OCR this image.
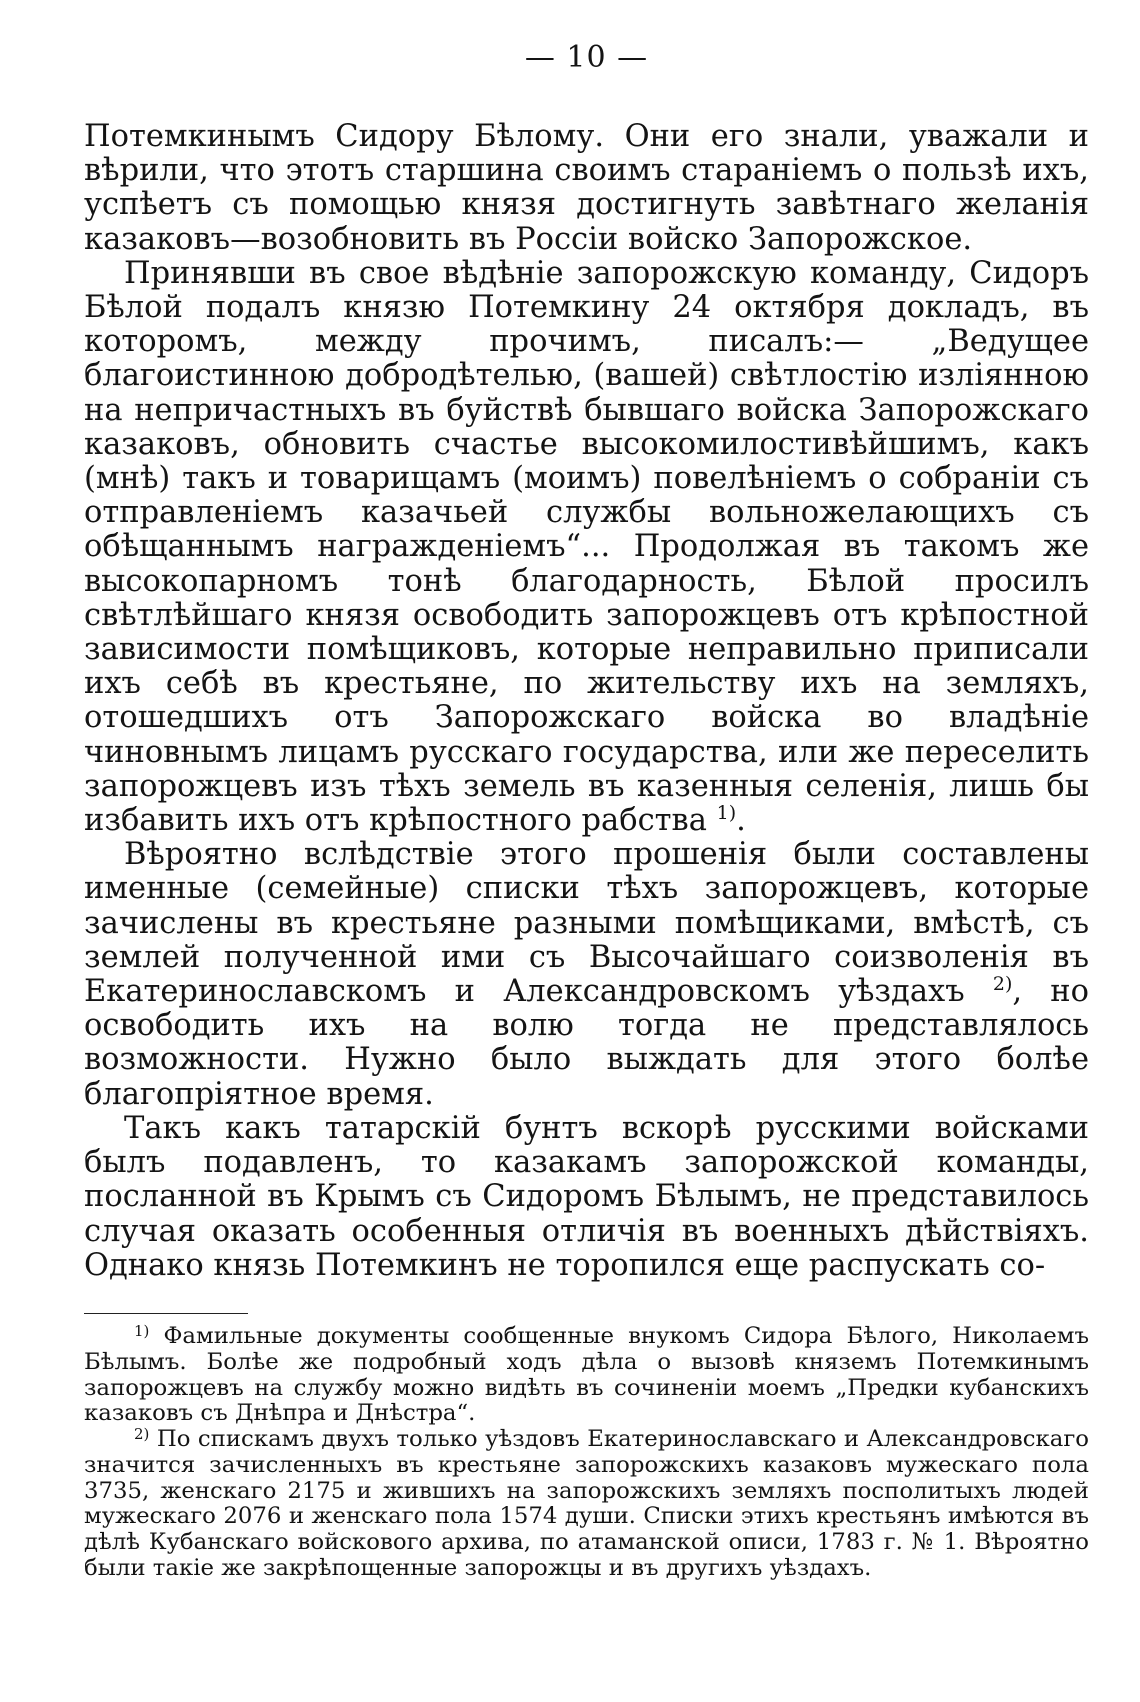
— 10 —

Потемкинымъ Сидору Бѣлому. Они его знали, уважали и вѣрили, что этотъ старшина своимъ стараніемъ о пользѣ ихъ, успѣетъ съ помощью князя достигнуть завѣтнаго желанія казаковъ—возобновить въ Россіи войско Запорожское.

Принявши въ свое вѣдѣніе запорожскую команду, Сидоръ Бѣлой подалъ князю Потемкину 24 октября докладъ, въ которомъ, между прочимъ, писалъ:— „Ведущее благоистинною добродѣтелью, (вашей) свѣтлостію изліянною на непричастныхъ въ буйствѣ бывшаго войска Запорожскаго казаковъ, обновить счастье высокомилостивѣйшимъ, какъ (мнѣ) такъ и товарищамъ (моимъ) повелѣніемъ о собраніи съ отправленіемъ казачьей службы вольножелающихъ съ обѣщаннымъ награжденіемъ“... Продолжая въ такомъ же высокопарномъ тонѣ благодарность, Бѣлой просилъ свѣтлѣйшаго князя освободить запорожцевъ отъ крѣпостной зависимости помѣщиковъ, которые неправильно приписали ихъ себѣ въ крестьяне, по жительству ихъ на земляхъ, отошедшихъ отъ Запорожскаго войска во владѣніе чиновнымъ лицамъ русскаго государства, или же переселить запорожцевъ изъ тѣхъ земель въ казенныя селенія, лишь бы избавить ихъ отъ крѣпостного рабства $^{1)}$.

Вѣроятно вслѣдствіе этого прошенія были составлены именные (семейные) списки тѣхъ запорожцевъ, которые зачислены въ крестьяне разными помѣщиками, вмѣстѣ, съ землей полученной ими съ Высочайшаго соизволенія въ Екатеринославскомъ и Александровскомъ уѣздахъ $^{2)}$, но освободить ихъ на волю тогда не представлялось возможности. Нужно было выждать для этого болѣе благопріятное время.

Такъ какъ татарскій бунтъ вскорѣ русскими войсками былъ подавленъ, то казакамъ запорожской команды, посланной въ Крымъ съ Сидоромъ Бѣлымъ, не представилось случая оказать особенныя отличія въ военныхъ дѣйствіяхъ. Однако князь Потемкинъ не торопился еще распускать со-

$^{1)}$ Фамильные документы сообщенные внукомъ Сидора Бѣлого, Николаемъ Бѣлымъ. Болѣе же подробный ходъ дѣла о вызовѣ княземъ Потемкинымъ запорожцевъ на службу можно видѣть въ сочиненіи моемъ „Предки кубанскихъ казаковъ съ Днѣпра и Днѣстра“.

$^{2)}$ По спискамъ двухъ только уѣздовъ Екатеринославскаго и Александровскаго значится зачисленныхъ въ крестьяне запорожскихъ казаковъ мужескаго пола 3735, женскаго 2175 и жившихъ на запорожскихъ земляхъ посполитыхъ людей мужескаго 2076 и женскаго пола 1574 души. Списки этихъ крестьянъ имѣются въ дѣлѣ Кубанскаго войскового архива, по атаманской описи, 1783 г. № 1. Вѣроятно были такіе же закрѣпощенные запорожцы и въ другихъ уѣздахъ.
